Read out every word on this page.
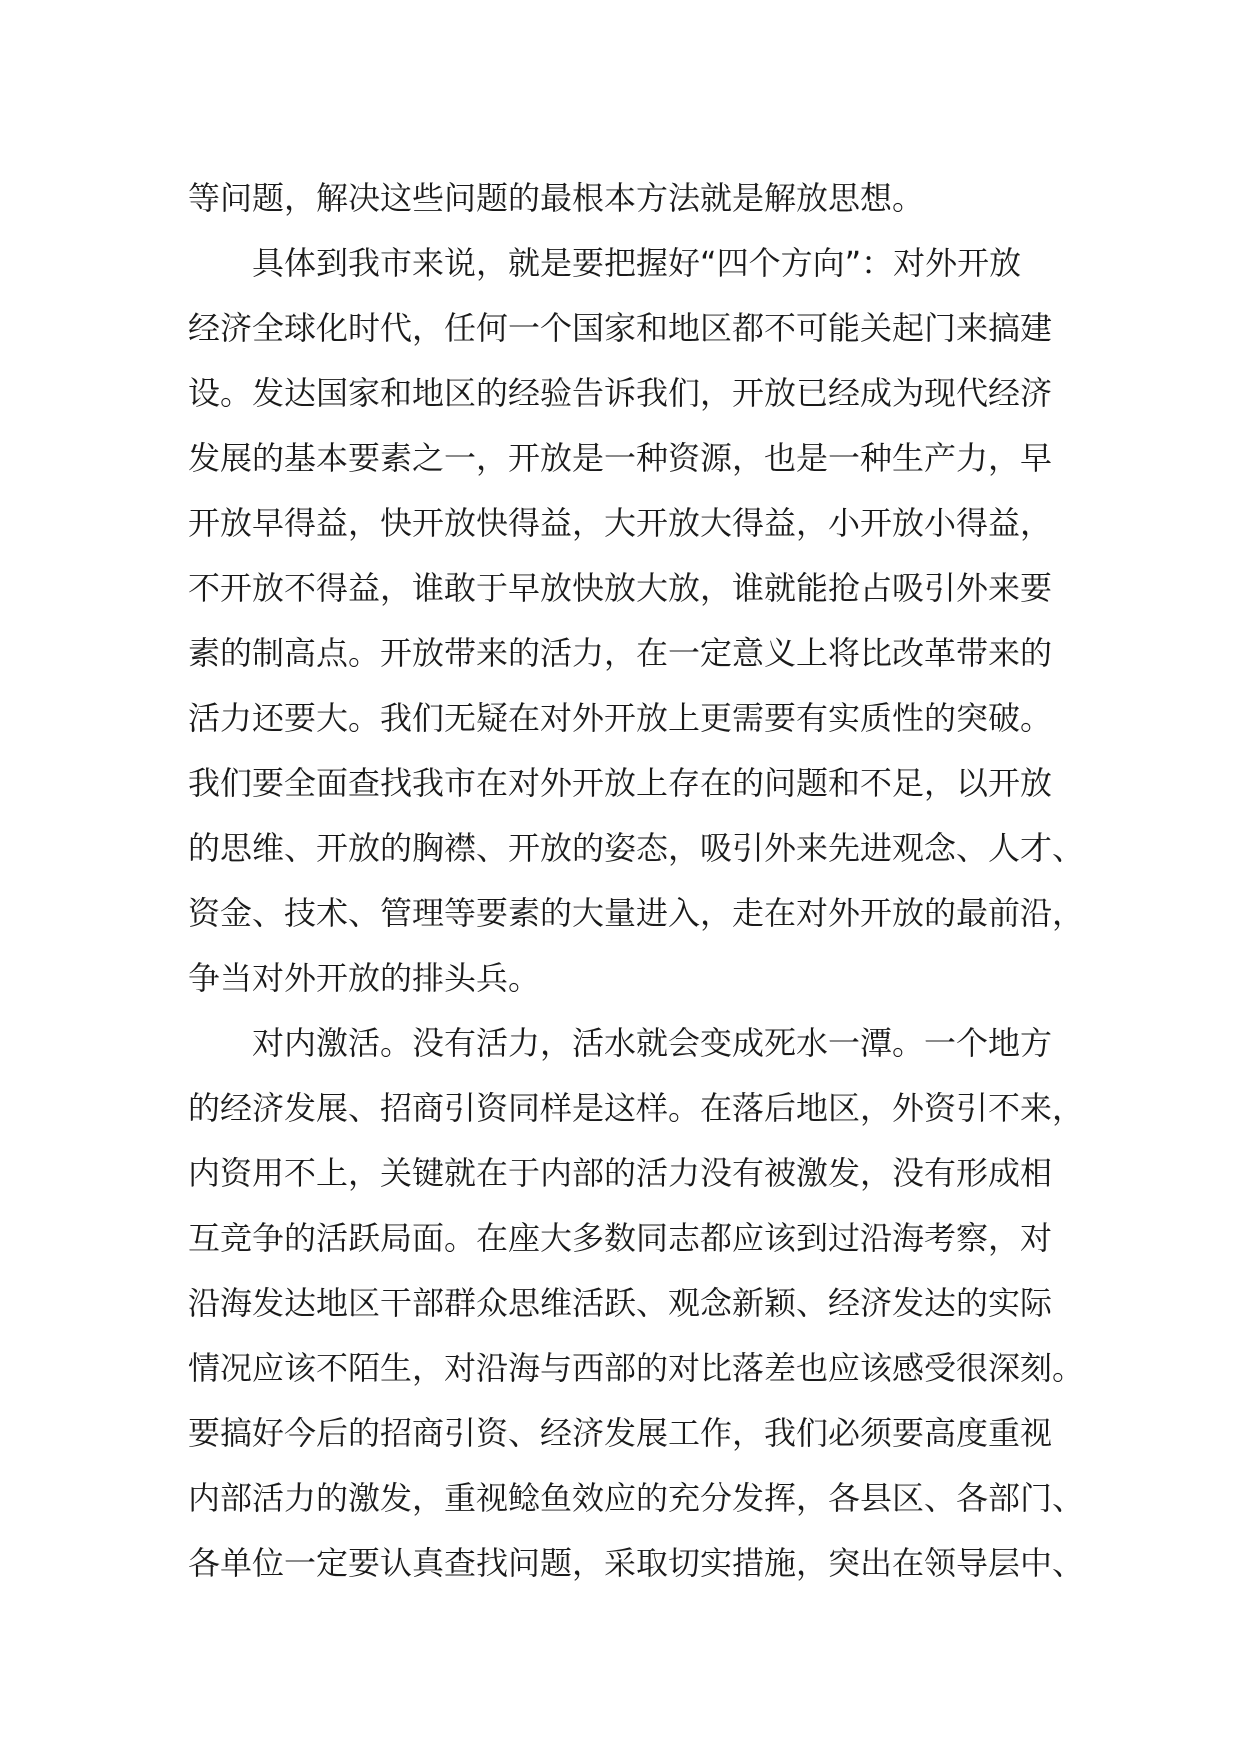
等问题，解决这些问题的最根本方法就是解放思想。
具体到我市来说，就是要把握好“四个方向”：对外开放
经济全球化时代，任何一个国家和地区都不可能关起门来搞建
设。发达国家和地区的经验告诉我们，开放已经成为现代经济
发展的基本要素之一，开放是一种资源，也是一种生产力，早
开放早得益，快开放快得益，大开放大得益，小开放小得益，
不开放不得益，谁敢于早放快放大放，谁就能抢占吸引外来要
素的制高点。开放带来的活力，在一定意义上将比改革带来的
活力还要大。我们无疑在对外开放上更需要有实质性的突破。
我们要全面查找我市在对外开放上存在的问题和不足，以开放
的思维、开放的胸襟、开放的姿态，吸引外来先进观念、人才、
资金、技术、管理等要素的大量进入，走在对外开放的最前沿，
争当对外开放的排头兵。
对内激活。没有活力，活水就会变成死水一潭。一个地方
的经济发展、招商引资同样是这样。在落后地区，外资引不来，
内资用不上，关键就在于内部的活力没有被激发，没有形成相
互竞争的活跃局面。在座大多数同志都应该到过沿海考察，对
沿海发达地区干部群众思维活跃、观念新颖、经济发达的实际
情况应该不陌生，对沿海与西部的对比落差也应该感受很深刻。
要搞好今后的招商引资、经济发展工作，我们必须要高度重视
内部活力的激发，重视鲶鱼效应的充分发挥，各县区、各部门、
各单位一定要认真查找问题，采取切实措施，突出在领导层中、
